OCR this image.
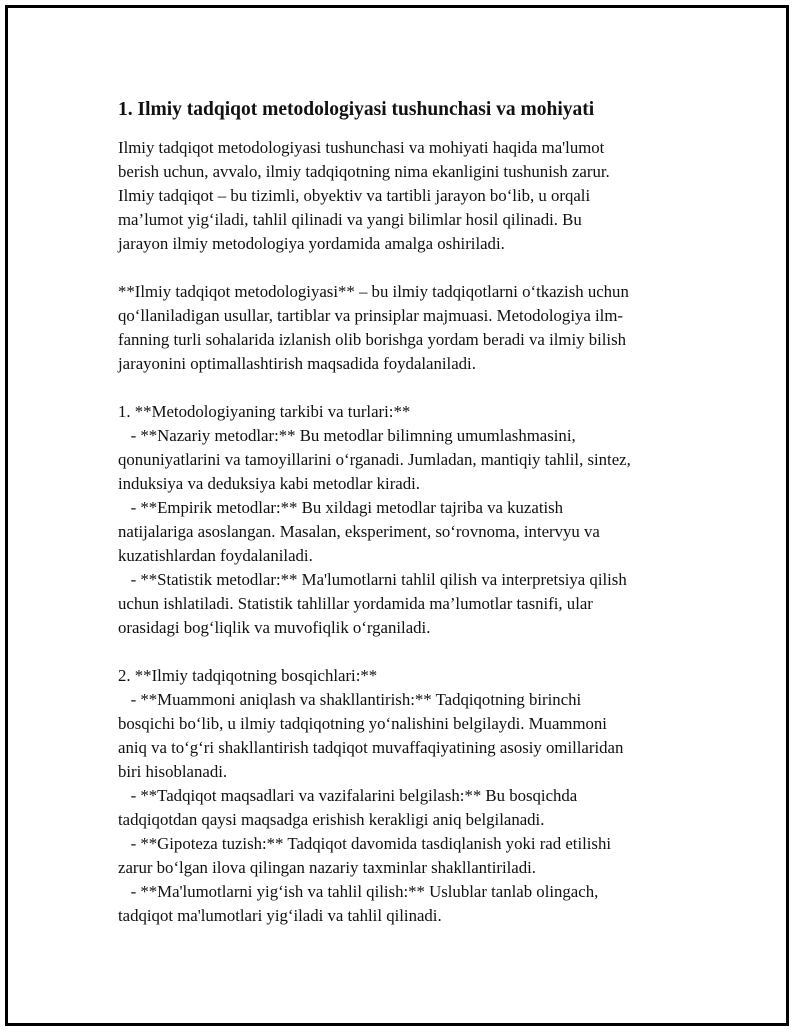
1. Ilmiy tadqiqot metodologiyasi tushunchasi va mohiyati
Ilmiy tadqiqot metodologiyasi tushunchasi va mohiyati haqida ma'lumot
berish uchun, avvalo, ilmiy tadqiqotning nima ekanligini tushunish zarur.
Ilmiy tadqiqot – bu tizimli, obyektiv va tartibli jarayon bo‘lib, u orqali
ma’lumot yig‘iladi, tahlil qilinadi va yangi bilimlar hosil qilinadi. Bu
jarayon ilmiy metodologiya yordamida amalga oshiriladi.
**Ilmiy tadqiqot metodologiyasi** – bu ilmiy tadqiqotlarni o‘tkazish uchun
qo‘llaniladigan usullar, tartiblar va prinsiplar majmuasi. Metodologiya ilm-
fanning turli sohalarida izlanish olib borishga yordam beradi va ilmiy bilish
jarayonini optimallashtirish maqsadida foydalaniladi.
1. **Metodologiyaning tarkibi va turlari:**
- **Nazariy metodlar:** Bu metodlar bilimning umumlashmasini,
qonuniyatlarini va tamoyillarini o‘rganadi. Jumladan, mantiqiy tahlil, sintez,
induksiya va deduksiya kabi metodlar kiradi.
- **Empirik metodlar:** Bu xildagi metodlar tajriba va kuzatish
natijalariga asoslangan. Masalan, eksperiment, so‘rovnoma, intervyu va
kuzatishlardan foydalaniladi.
- **Statistik metodlar:** Ma'lumotlarni tahlil qilish va interpretsiya qilish
uchun ishlatiladi. Statistik tahlillar yordamida ma’lumotlar tasnifi, ular
orasidagi bog‘liqlik va muvofiqlik o‘rganiladi.
2. **Ilmiy tadqiqotning bosqichlari:**
- **Muammoni aniqlash va shakllantirish:** Tadqiqotning birinchi
bosqichi bo‘lib, u ilmiy tadqiqotning yo‘nalishini belgilaydi. Muammoni
aniq va to‘g‘ri shakllantirish tadqiqot muvaffaqiyatining asosiy omillaridan
biri hisoblanadi.
- **Tadqiqot maqsadlari va vazifalarini belgilash:** Bu bosqichda
tadqiqotdan qaysi maqsadga erishish kerakligi aniq belgilanadi.
- **Gipoteza tuzish:** Tadqiqot davomida tasdiqlanish yoki rad etilishi
zarur bo‘lgan ilova qilingan nazariy taxminlar shakllantiriladi.
- **Ma'lumotlarni yig‘ish va tahlil qilish:** Uslublar tanlab olingach,
tadqiqot ma'lumotlari yig‘iladi va tahlil qilinadi.
